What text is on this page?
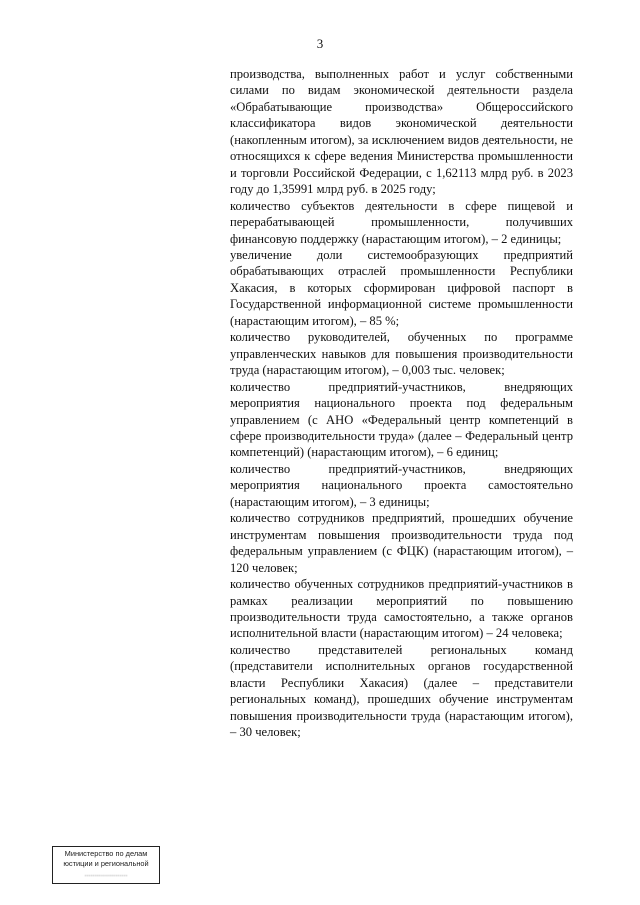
3

производства, выполненных работ и услуг собственными силами по видам экономической деятельности раздела «Обрабатывающие производства» Общероссийского классификатора видов экономической деятельности (накопленным итогом), за исключением видов деятельности, не относящихся к сфере ведения Министерства промышленности и торговли Российской Федерации, с 1,62113 млрд руб. в 2023 году до 1,35991 млрд руб. в 2025 году;

количество субъектов деятельности в сфере пищевой и перерабатывающей промышленности, получивших финансовую поддержку (нарастающим итогом), – 2 единицы;

увеличение доли системообразующих предприятий обрабатывающих отраслей промышленности Республики Хакасия, в которых сформирован цифровой паспорт в Государственной информационной системе промышленности (нарастающим итогом), – 85 %;

количество руководителей, обученных по программе управленческих навыков для повышения производительности труда (нарастающим итогом), – 0,003 тыс. человек;

количество предприятий-участников, внедряющих мероприятия национального проекта под федеральным управлением (с АНО «Федеральный центр компетенций в сфере производительности труда» (далее – Федеральный центр компетенций) (нарастающим итогом), – 6 единиц;

количество предприятий-участников, внедряющих мероприятия национального проекта самостоятельно (нарастающим итогом), – 3 единицы;

количество сотрудников предприятий, прошедших обучение инструментам повышения производительности труда под федеральным управлением (с ФЦК) (нарастающим итогом), – 120 человек;

количество обученных сотрудников предприятий-участников в рамках реализации мероприятий по повышению производительности труда самостоятельно, а также органов исполнительной власти (нарастающим итогом) – 24 человека;

количество представителей региональных команд (представители исполнительных органов государственной власти Республики Хакасия) (далее – представители региональных команд), прошедших обучение инструментам повышения производительности труда (нарастающим итогом), – 30 человек;

Министерство по делам
юстиции и региональной
.....................
